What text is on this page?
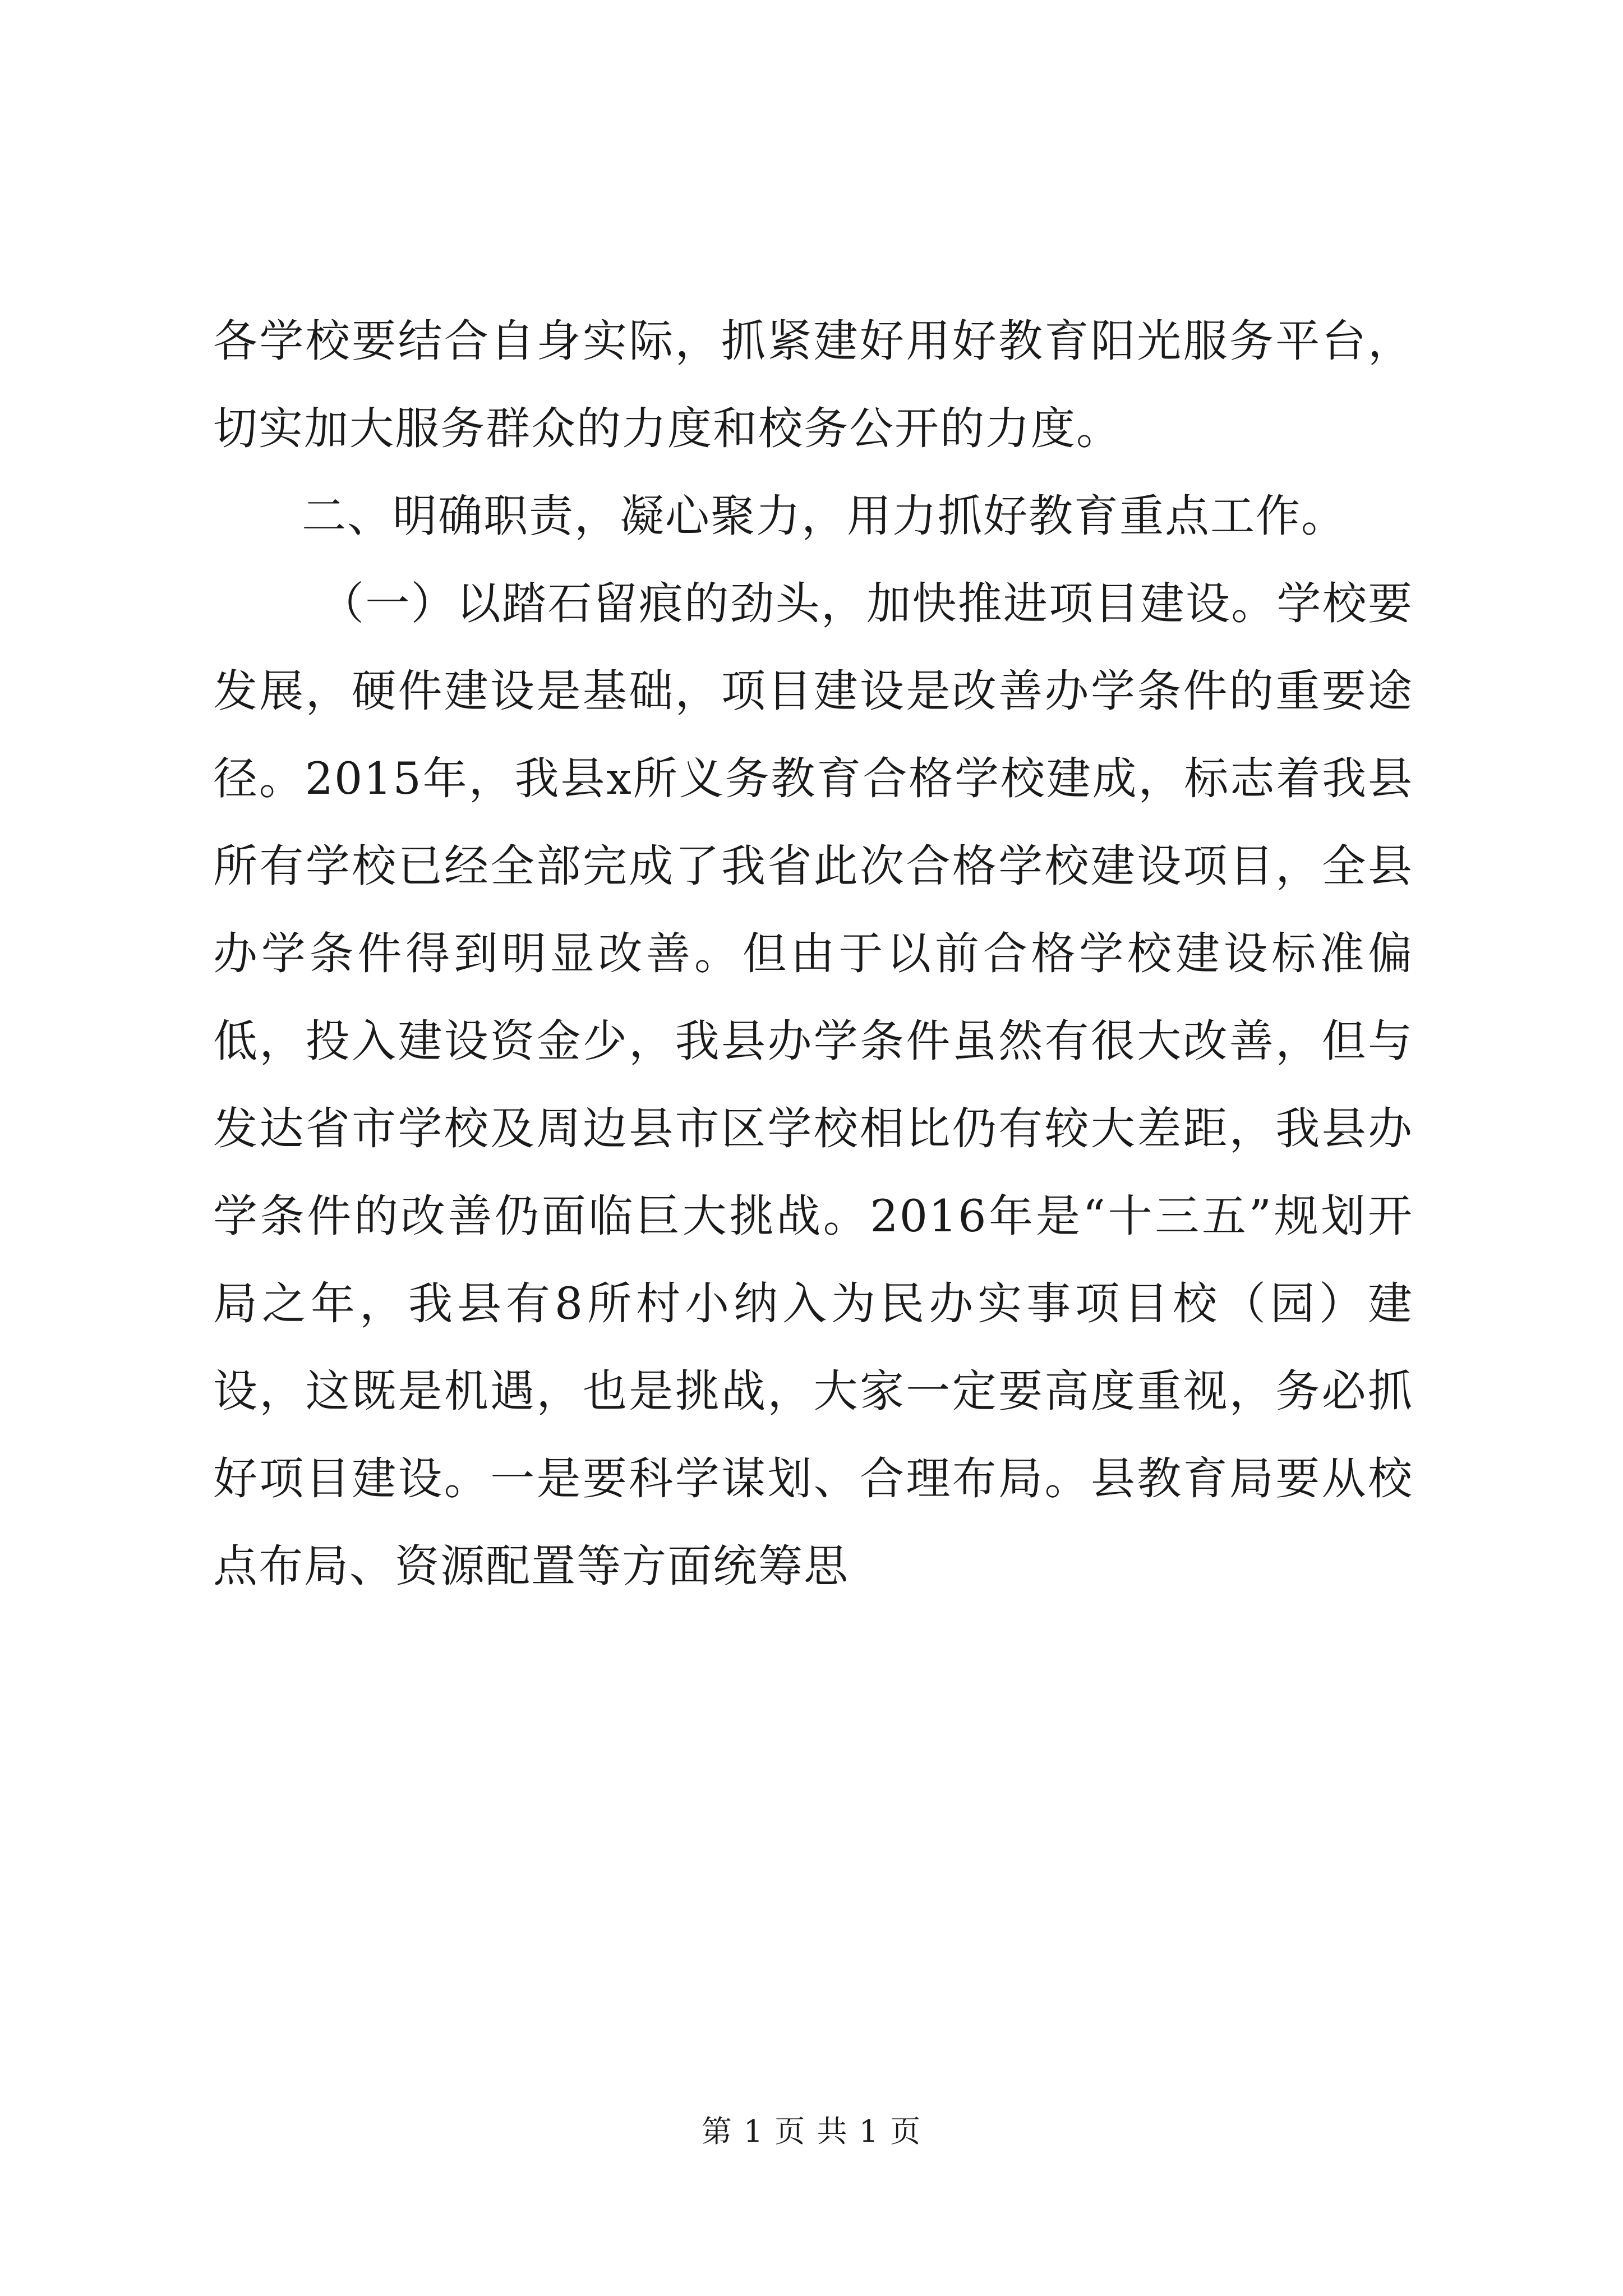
各学校要结合自身实际，抓紧建好用好教育阳光服务平台，切实加大服务群众的力度和校务公开的力度。

二、明确职责，凝心聚力，用力抓好教育重点工作。

（一）以踏石留痕的劲头，加快推进项目建设。学校要发展，硬件建设是基础，项目建设是改善办学条件的重要途径。2015年，我县x所义务教育合格学校建成，标志着我县所有学校已经全部完成了我省此次合格学校建设项目，全县办学条件得到明显改善。但由于以前合格学校建设标准偏低，投入建设资金少，我县办学条件虽然有很大改善，但与发达省市学校及周边县市区学校相比仍有较大差距，我县办学条件的改善仍面临巨大挑战。2016年是“十三五”规划开局之年，我县有8所村小纳入为民办实事项目校（园）建设，这既是机遇，也是挑战，大家一定要高度重视，务必抓好项目建设。一是要科学谋划、合理布局。县教育局要从校点布局、资源配置等方面统筹思

第 1 页 共 1 页
